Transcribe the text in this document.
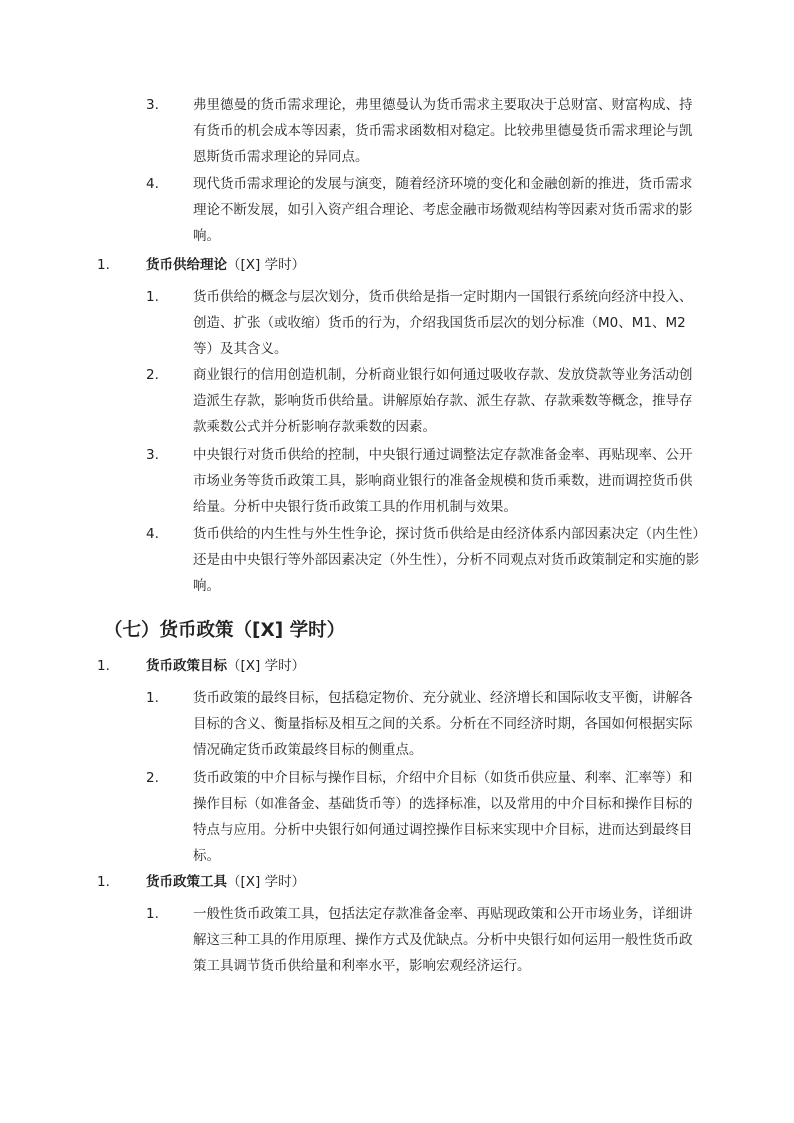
3.	弗里德曼的货币需求理论，弗里德曼认为货币需求主要取决于总财富、财富构成、持有货币的机会成本等因素，货币需求函数相对稳定。比较弗里德曼货币需求理论与凯恩斯货币需求理论的异同点。
4.	现代货币需求理论的发展与演变，随着经济环境的变化和金融创新的推进，货币需求理论不断发展，如引入资产组合理论、考虑金融市场微观结构等因素对货币需求的影响。
1.	货币供给理论（[X] 学时）
1.	货币供给的概念与层次划分，货币供给是指一定时期内一国银行系统向经济中投入、创造、扩张（或收缩）货币的行为，介绍我国货币层次的划分标准（M0、M1、M2 等）及其含义。
2.	商业银行的信用创造机制，分析商业银行如何通过吸收存款、发放贷款等业务活动创造派生存款，影响货币供给量。讲解原始存款、派生存款、存款乘数等概念，推导存款乘数公式并分析影响存款乘数的因素。
3.	中央银行对货币供给的控制，中央银行通过调整法定存款准备金率、再贴现率、公开市场业务等货币政策工具，影响商业银行的准备金规模和货币乘数，进而调控货币供给量。分析中央银行货币政策工具的作用机制与效果。
4.	货币供给的内生性与外生性争论，探讨货币供给是由经济体系内部因素决定（内生性）还是由中央银行等外部因素决定（外生性），分析不同观点对货币政策制定和实施的影响。
（七）货币政策（[X] 学时）
1.	货币政策目标（[X] 学时）
1.	货币政策的最终目标，包括稳定物价、充分就业、经济增长和国际收支平衡，讲解各目标的含义、衡量指标及相互之间的关系。分析在不同经济时期，各国如何根据实际情况确定货币政策最终目标的侧重点。
2.	货币政策的中介目标与操作目标，介绍中介目标（如货币供应量、利率、汇率等）和操作目标（如准备金、基础货币等）的选择标准，以及常用的中介目标和操作目标的特点与应用。分析中央银行如何通过调控操作目标来实现中介目标，进而达到最终目标。
1.	货币政策工具（[X] 学时）
1.	一般性货币政策工具，包括法定存款准备金率、再贴现政策和公开市场业务，详细讲解这三种工具的作用原理、操作方式及优缺点。分析中央银行如何运用一般性货币政策工具调节货币供给量和利率水平，影响宏观经济运行。
